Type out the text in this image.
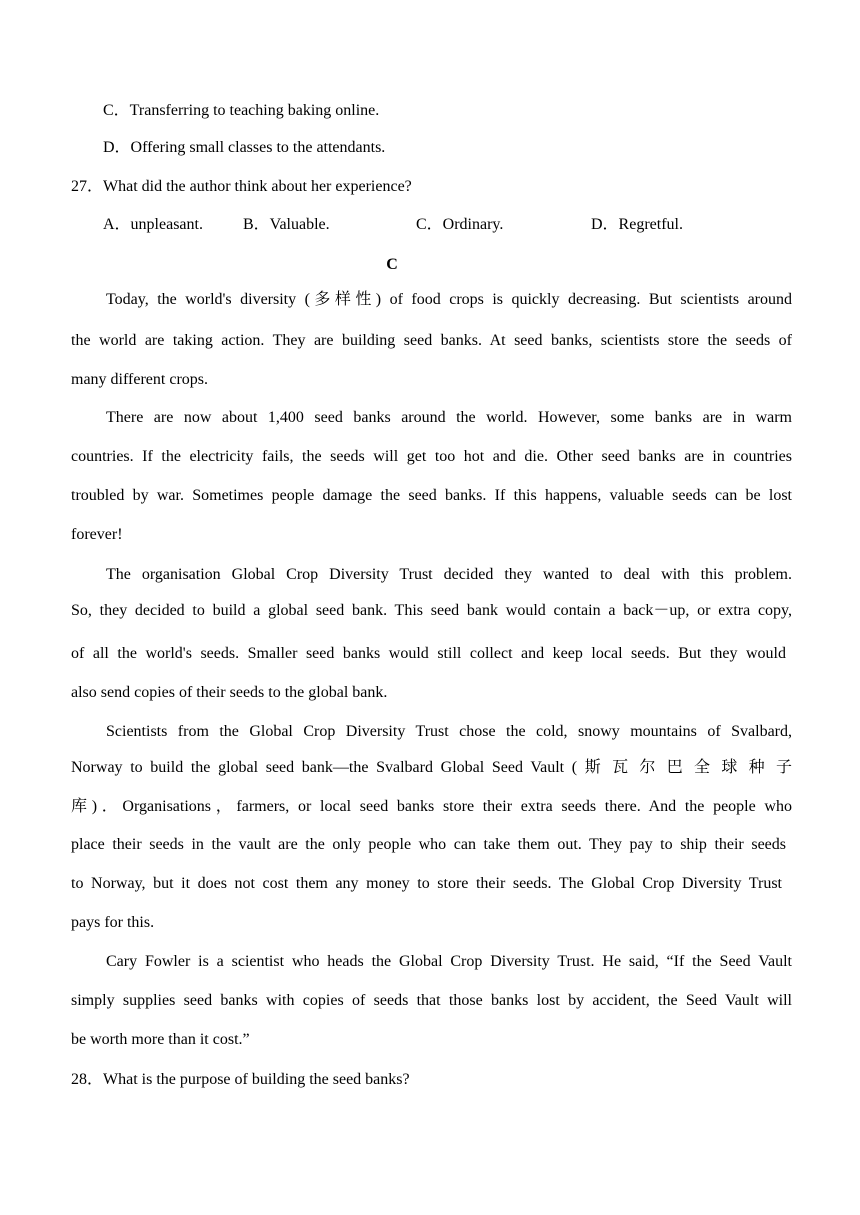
C．Transferring to teaching baking online.
D．Offering small classes to the attendants.
27．What did the author think about her experience?
A．unpleasant.	B．Valuable.	C．Ordinary.	D．Regretful.
C
Today, the world's diversity (多样性) of food crops is quickly decreasing. But scientists around
the world are taking action. They are building seed banks. At seed banks, scientists store the seeds of
many different crops.
There are now about 1,400 seed banks around the world. However, some banks are in warm
countries. If the electricity fails, the seeds will get too hot and die. Other seed banks are in countries
troubled by war. Sometimes people damage the seed banks. If this happens, valuable seeds can be lost
forever!
The organisation Global Crop Diversity Trust decided they wanted to deal with this problem.
So, they decided to build a global seed bank. This seed bank would contain a back－up, or extra copy,
of all the world's seeds. Smaller seed banks would still collect and keep local seeds. But they would
also send copies of their seeds to the global bank.
Scientists from the Global Crop Diversity Trust chose the cold, snowy mountains of Svalbard,
Norway to build the global seed bank—the Svalbard Global Seed Vault ( 斯 瓦 尔 巴 全 球 种 子
库)．Organisations，farmers, or local seed banks store their extra seeds there. And the people who
place their seeds in the vault are the only people who can take them out. They pay to ship their seeds
to Norway, but it does not cost them any money to store their seeds. The Global Crop Diversity Trust
pays for this.
Cary Fowler is a scientist who heads the Global Crop Diversity Trust. He said, “If the Seed Vault
simply supplies seed banks with copies of seeds that those banks lost by accident, the Seed Vault will
be worth more than it cost.”
28．What is the purpose of building the seed banks?
